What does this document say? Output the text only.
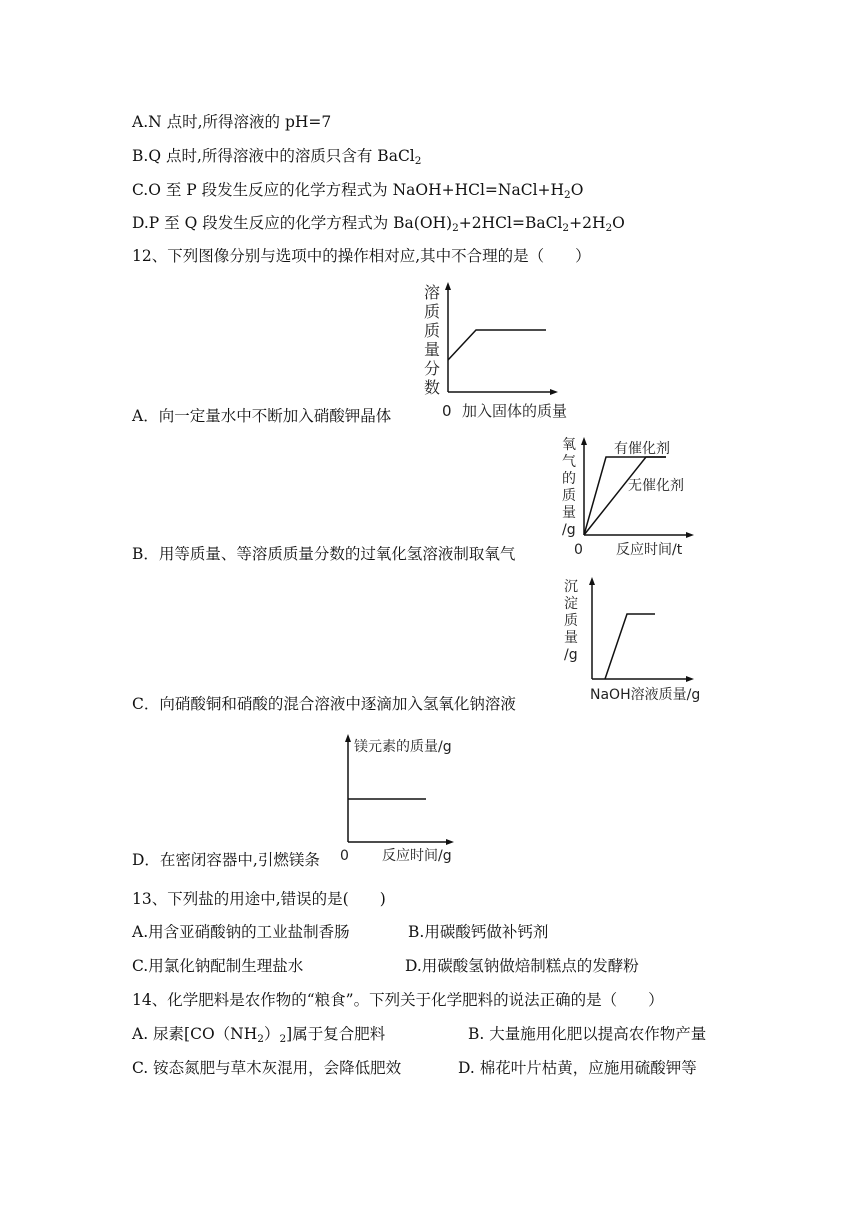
A.N 点时,所得溶液的 pH=7
B.Q 点时,所得溶液中的溶质只含有 BaCl$_2$
C.O 至 P 段发生反应的化学方程式为 $NaOH+HCl=NaCl+H_2O$
D.P 至 Q 段发生反应的化学方程式为 $Ba(OH)_2+2HCl=BaCl_2+2H_2O$
12、下列图像分别与选项中的操作相对应,其中不合理的是（　　）
溶
质
质
量
分
数
0 加入固体的质量
A．向一定量水中不断加入硝酸钾晶体
氧
气
的
质
量
/g
有催化剂
无催化剂
0 反应时间/t
B．用等质量、等溶质质量分数的过氧化氢溶液制取氧气
沉
淀
质
量
/g
NaOH溶液质量/g
C．向硝酸铜和硝酸的混合溶液中逐滴加入氢氧化钠溶液
镁元素的质量/g
0 反应时间/g
D．在密闭容器中,引燃镁条
13、下列盐的用途中,错误的是(　　)
A.用含亚硝酸钠的工业盐制香肠	B.用碳酸钙做补钙剂
C.用氯化钠配制生理盐水	D.用碳酸氢钠做焙制糕点的发酵粉
14、化学肥料是农作物的“粮食”。下列关于化学肥料的说法正确的是（　　）
A. 尿素$[CO(NH_2)_2]$属于复合肥料	B. 大量施用化肥以提高农作物产量
C. 铵态氮肥与草木灰混用，会降低肥效	D. 棉花叶片枯黄，应施用硫酸钾等
